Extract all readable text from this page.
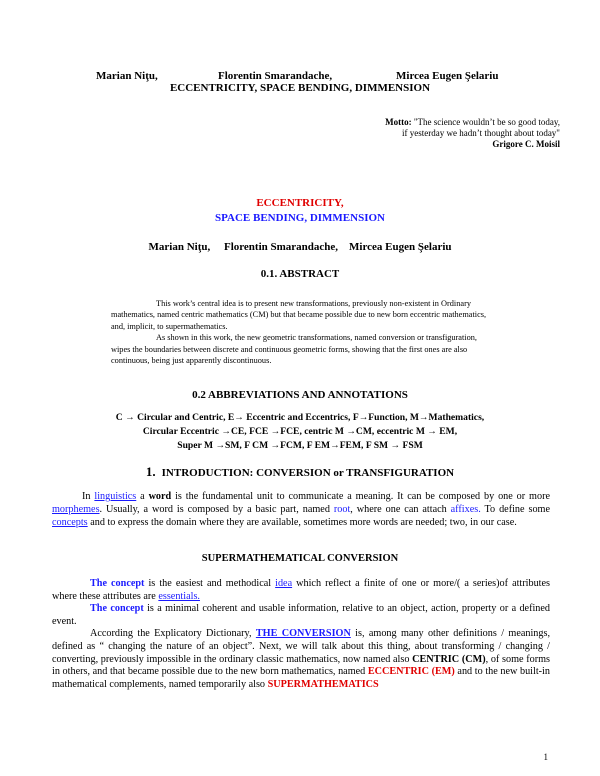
Marian Niţu,	Florentin Smarandache,	Mircea Eugen Şelariu
ECCENTRICITY, SPACE BENDING, DIMMENSION
Motto: "The science wouldn’t be so good today,
if yesterday we hadn’t thought about today"
Grigore C. Moisil
ECCENTRICITY,
SPACE BENDING, DIMMENSION
Marian Niţu,     Florentin Smarandache,    Mircea Eugen Şelariu
0.1. ABSTRACT

This work’s central idea is to present new transformations, previously non-existent in Ordinary mathematics, named centric mathematics (CM) but that became possible due to new born eccentric mathematics, and, implicit, to supermathematics.

As shown in this work, the new geometric transformations, named conversion or transfiguration, wipes the boundaries between discrete and continuous geometric forms, showing that the first ones are also continuous, being just apparently discontinuous.

0.2 ABBREVIATIONS AND ANNOTATIONS
C → Circular and Centric, E→ Eccentric and Eccentrics, F→Function, M→Mathematics,
Circular Eccentric →CE, FCE →FCE, centric M →CM, eccentric M → EM,
Super M →SM, F CM →FCM, F EM→FEM, F SM → FSM
1. INTRODUCTION: CONVERSION or TRANSFIGURATION

In linguistics a word is the fundamental unit to communicate a meaning. It can be composed by one or more morphemes. Usually, a word is composed by a basic part, named root, where one can attach affixes. To define some concepts and to express the domain where they are available, sometimes more words are needed; two, in our case.

SUPERMATHEMATICAL CONVERSION

The concept is the easiest and methodical idea which reflect a finite of one or more/( a series)of attributes where these attributes are essentials.

The concept is a minimal coherent and usable information, relative to an object, action, property or a defined event.

According the Explicatory Dictionary, THE CONVERSION is, among many other definitions / meanings, defined as “ changing the nature of an object”. Next, we will talk about this thing, about transforming / changing / converting, previously impossible in the ordinary classic mathematics, now named also CENTRIC (CM), of some forms in others, and that became possible due to the new born mathematics, named ECCENTRIC (EM) and to the new built-in mathematical complements, named temporarily also SUPERMATHEMATICS

1
